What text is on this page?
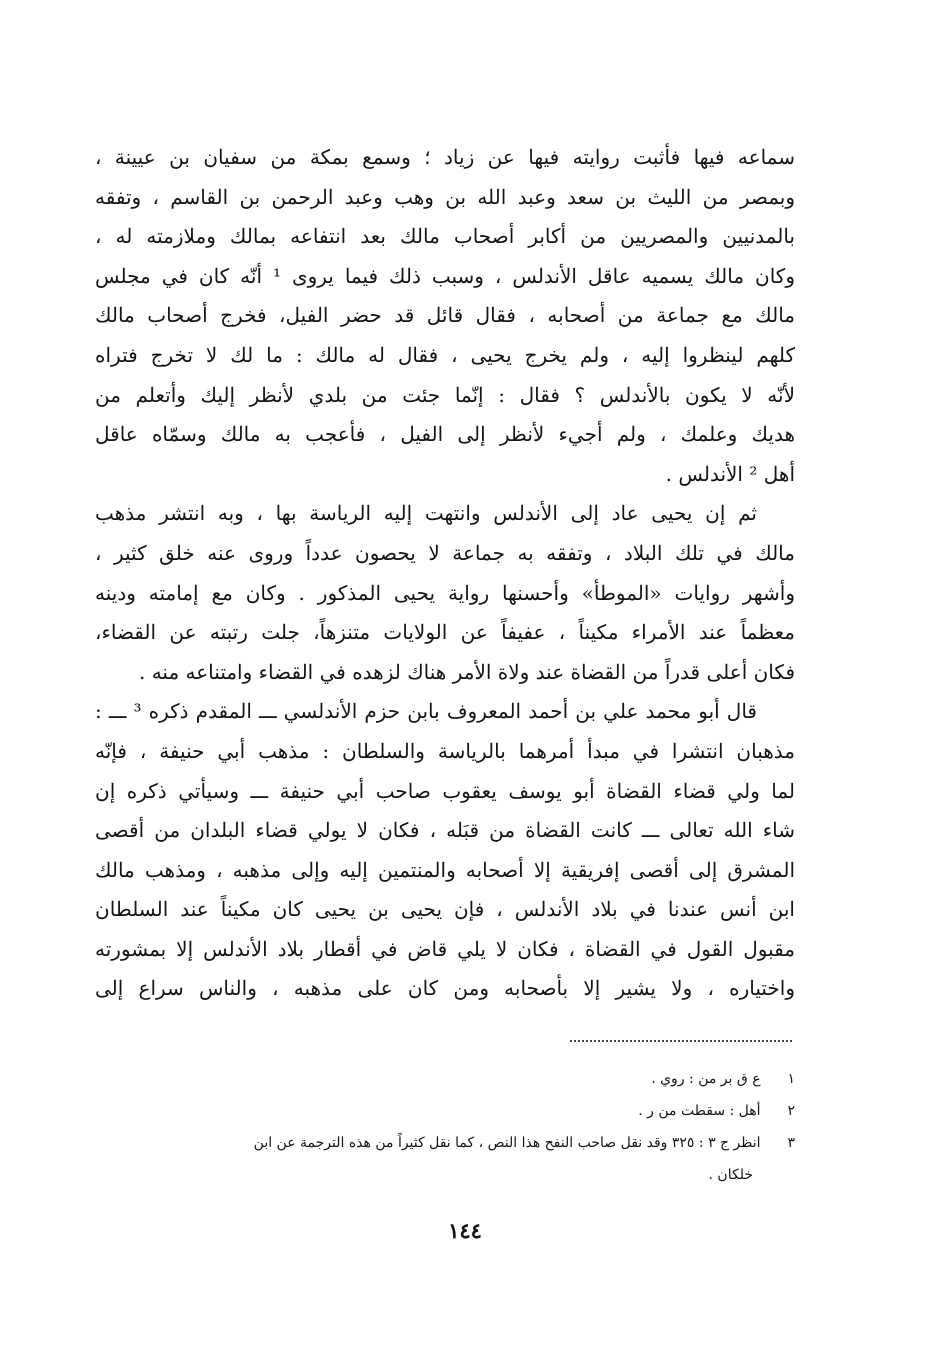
سماعه فيها فأثبت روايته فيها عن زياد ؛ وسمع بمكة من سفيان بن عيينة ،
وبمصر من الليث بن سعد وعبد الله بن وهب وعبد الرحمن بن القاسم ، وتفقه
بالمدنيين والمصريين من أكابر أصحاب مالك بعد انتفاعه بمالك وملازمته له ،
وكان مالك يسميه عاقل الأندلس ، وسبب ذلك فيما يروى ¹ أنّه كان في مجلس
مالك مع جماعة من أصحابه ، فقال قائل قد حضر الفيل، فخرج أصحاب مالك
كلهم لينظروا إليه ، ولم يخرج يحيى ، فقال له مالك : ما لك لا تخرج فتراه
لأنّه لا يكون بالأندلس ؟ فقال : إنّما جئت من بلدي لأنظر إليك وأتعلم من
هديك وعلمك ، ولم أجيء لأنظر إلى الفيل ، فأعجب به مالك وسمّاه عاقل
أهل ² الأندلس .
ثم إن يحيى عاد إلى الأندلس وانتهت إليه الرياسة بها ، وبه انتشر مذهب
مالك في تلك البلاد ، وتفقه به جماعة لا يحصون عدداً وروى عنه خلق كثير ،
وأشهر روايات «الموطأ» وأحسنها رواية يحيى المذكور . وكان مع إمامته ودينه
معظماً عند الأمراء مكيناً ، عفيفاً عن الولايات متنزهاً، جلت رتبته عن القضاء،
فكان أعلى قدراً من القضاة عند ولاة الأمر هناك لزهده في القضاء وامتناعه منه .
قال أبو محمد علي بن أحمد المعروف بابن حزم الأندلسي ـــ المقدم ذكره ³ ـــ :
مذهبان انتشرا في مبدأ أمرهما بالرياسة والسلطان : مذهب أبي حنيفة ، فإنّه
لما ولي قضاء القضاة أبو يوسف يعقوب صاحب أبي حنيفة ـــ وسيأتي ذكره إن
شاء الله تعالى ـــ كانت القضاة من قبَله ، فكان لا يولي قضاء البلدان من أقصى
المشرق إلى أقصى إفريقية إلا أصحابه والمنتمين إليه وإلى مذهبه ، ومذهب مالك
ابن أنس عندنا في بلاد الأندلس ، فإن يحيى بن يحيى كان مكيناً عند السلطان
مقبول القول في القضاة ، فكان لا يلي قاض في أقطار بلاد الأندلس إلا بمشورته
واختياره ، ولا يشير إلا بأصحابه ومن كان على مذهبه ، والناس سراع إلى
١ ع ق بر من : روي .
٢ أهل : سقطت من ر .
٣ انظر ج ٣ : ٣٢٥ وقد نقل صاحب النفح هذا النص ، كما نقل كثيراً من هذه الترجمة عن ابن
خلكان .
١٤٤
